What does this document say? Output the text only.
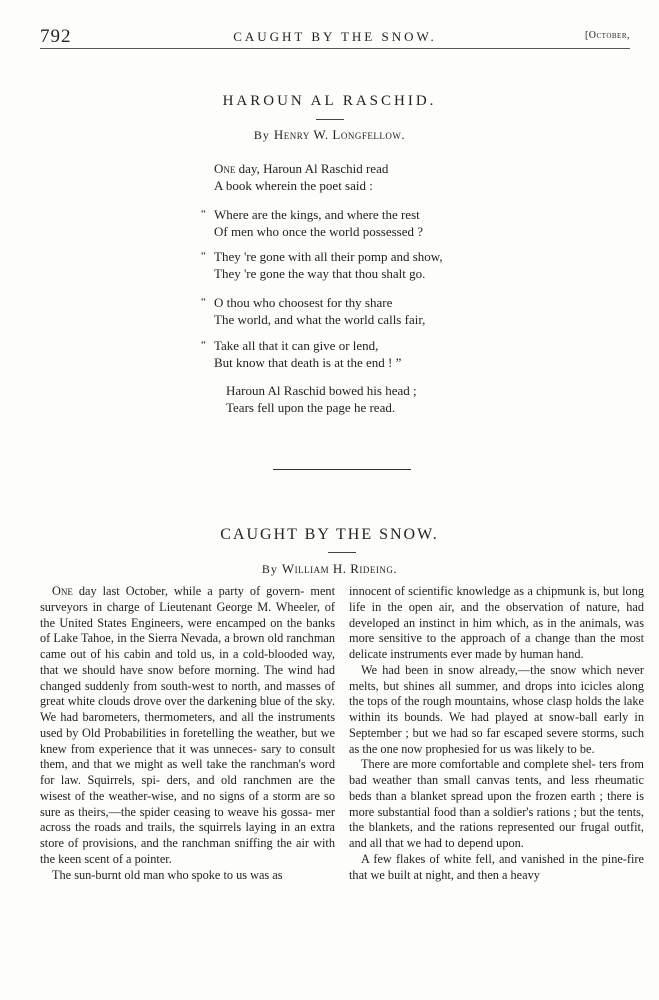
792	CAUGHT BY THE SNOW.	[October,
HAROUN AL RASCHID.
By Henry W. Longfellow.
One day, Haroun Al Raschid read
A book wherein the poet said :
“ Where are the kings, and where the rest
Of men who once the world possessed ?
“ They 're gone with all their pomp and show,
They 're gone the way that thou shalt go.
“ O thou who choosest for thy share
The world, and what the world calls fair,
“ Take all that it can give or lend,
But know that death is at the end ! ”
Haroun Al Raschid bowed his head ;
Tears fell upon the page he read.
CAUGHT BY THE SNOW.
By William H. Rideing.

One day last October, while a party of govern- ment surveyors in charge of Lieutenant George M. Wheeler, of the United States Engineers, were encamped on the banks of Lake Tahoe, in the Sierra Nevada, a brown old ranchman came out of his cabin and told us, in a cold-blooded way, that we should have snow before morning. The wind had changed suddenly from south-west to north, and masses of great white clouds drove over the darkening blue of the sky. We had barometers, thermometers, and all the instruments used by Old Probabilities in foretelling the weather, but we knew from experience that it was unneces- sary to consult them, and that we might as well take the ranchman's word for law. Squirrels, spi- ders, and old ranchmen are the wisest of the weather-wise, and no signs of a storm are so sure as theirs,—the spider ceasing to weave his gossa- mer across the roads and trails, the squirrels laying in an extra store of provisions, and the ranchman sniffing the air with the keen scent of a pointer.

The sun-burnt old man who spoke to us was as

innocent of scientific knowledge as a chipmunk is, but long life in the open air, and the observation of nature, had developed an instinct in him which, as in the animals, was more sensitive to the approach of a change than the most delicate instruments ever made by human hand.

We had been in snow already,—the snow which never melts, but shines all summer, and drops into icicles along the tops of the rough mountains, whose clasp holds the lake within its bounds. We had played at snow-ball early in September ; but we had so far escaped severe storms, such as the one now prophesied for us was likely to be.

There are more comfortable and complete shel- ters from bad weather than small canvas tents, and less rheumatic beds than a blanket spread upon the frozen earth ; there is more substantial food than a soldier's rations ; but the tents, the blankets, and the rations represented our frugal outfit, and all that we had to depend upon.

A few flakes of white fell, and vanished in the pine-fire that we built at night, and then a heavy
